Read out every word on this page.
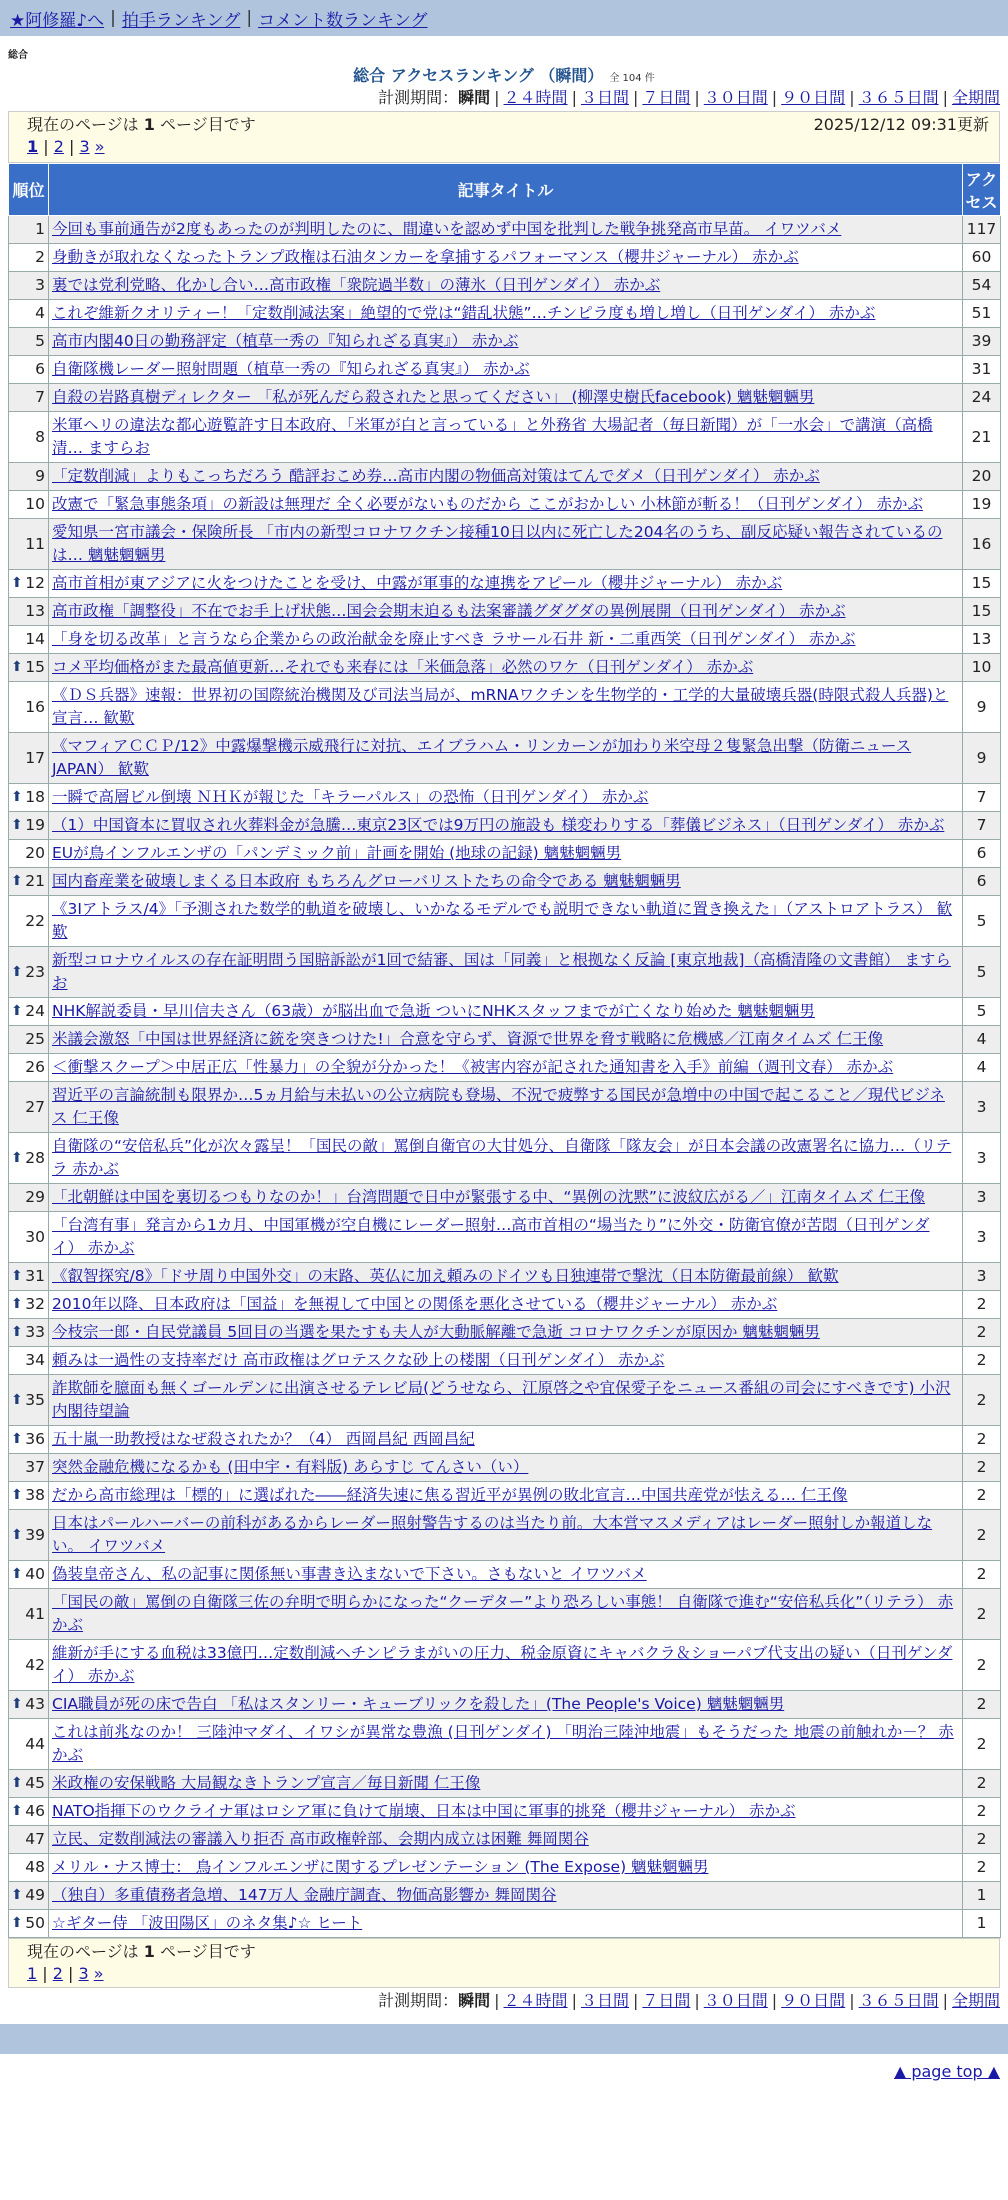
★阿修羅♪へ | 拍手ランキング | コメント数ランキング
総合
総合 アクセスランキング （瞬間） 全 104 件
計測期間：瞬間 | ２４時間 | ３日間 | ７日間 | ３０日間 | ９０日間 | ３６５日間 | 全期間
現在のページは 1 ページ目です	2025/12/12 09:31更新
1 | 2 | 3 »
順位	記事タイトル	アクセス
1	今回も事前通告が2度もあったのが判明したのに、間違いを認めず中国を批判した戦争挑発高市早苗。 イワツバメ	117
2	身動きが取れなくなったトランプ政権は石油タンカーを拿捕するパフォーマンス（櫻井ジャーナル） 赤かぶ	60
3	裏では党利党略、化かし合い…高市政権「衆院過半数」の薄氷（日刊ゲンダイ） 赤かぶ	54
4	これぞ維新クオリティー！「定数削減法案」絶望的で党は“錯乱状態”…チンピラ度も増し増し（日刊ゲンダイ） 赤かぶ	51
5	高市内閣40日の勤務評定（植草一秀の『知られざる真実』） 赤かぶ	39
6	自衛隊機レーダー照射問題（植草一秀の『知られざる真実』） 赤かぶ	31
7	自殺の岩路真樹ディレクター 「私が死んだら殺されたと思ってください」 (柳澤史樹氏facebook) 魑魅魍魎男	24
8	米軍ヘリの違法な都心遊覧許す日本政府、「米軍が白と言っている」と外務省 大場記者（毎日新聞）が「一水会」で講演（高橋清… ますらお	21
9	「定数削減」よりもこっちだろう 酷評おこめ券…高市内閣の物価高対策はてんでダメ（日刊ゲンダイ） 赤かぶ	20
10	改憲で「緊急事態条項」の新設は無理だ 全く必要がないものだから ここがおかしい 小林節が斬る！（日刊ゲンダイ） 赤かぶ	19
11	愛知県一宮市議会・保険所長 「市内の新型コロナワクチン接種10日以内に死亡した204名のうち、副反応疑い報告されているのは… 魑魅魍魎男	16

⬆ 12	高市首相が東アジアに火をつけたことを受け、中露が軍事的な連携をアピール（櫻井ジャーナル） 赤かぶ	15
13	高市政権「調整役」不在でお手上げ状態…国会会期末迫るも法案審議グダグダの異例展開（日刊ゲンダイ） 赤かぶ	15
14	「身を切る改革」と言うなら企業からの政治献金を廃止すべき ラサール石井 新・二重西笑（日刊ゲンダイ） 赤かぶ	13

⬆ 15	コメ平均価格がまた最高値更新…それでも来春には「米価急落」必然のワケ（日刊ゲンダイ） 赤かぶ	10
16	《ＤＳ兵器》速報：世界初の国際統治機関及び司法当局が、mRNAワクチンを生物学的・工学的大量破壊兵器(時限式殺人兵器)と宣言… 歓歎	9
17	《マフィアＣＣＰ/12》中露爆撃機示威飛行に対抗、エイブラハム・リンカーンが加わり米空母２隻緊急出撃（防衛ニュースJAPAN） 歓歎	9

⬆ 18	一瞬で高層ビル倒壊 ＮＨＫが報じた「キラーパルス」の恐怖（日刊ゲンダイ） 赤かぶ	7

⬆ 19	（1）中国資本に買収され火葬料金が急騰…東京23区では9万円の施設も 様変わりする「葬儀ビジネス」（日刊ゲンダイ） 赤かぶ	7
20	EUが鳥インフルエンザの「パンデミック前」計画を開始 (地球の記録) 魑魅魍魎男	6

⬆ 21	国内畜産業を破壊しまくる日本政府 もちろんグローバリストたちの命令である 魑魅魍魎男	6
22	《3Iアトラス/4》「予測された数学的軌道を破壊し、いかなるモデルでも説明できない軌道に置き換えた」（アストロアトラス） 歓歎	5

⬆ 23	新型コロナウイルスの存在証明問う国賠訴訟が1回で結審、国は「同義」と根拠なく反論 [東京地裁]（高橋清隆の文書館） ますらお	5

⬆ 24	NHK解説委員・早川信夫さん（63歳）が脳出血で急逝 ついにNHKスタッフまでが亡くなり始めた 魑魅魍魎男	5
25	米議会激怒「中国は世界経済に銃を突きつけた!」合意を守らず、資源で世界を脅す戦略に危機感／江南タイムズ 仁王像	4
26	＜衝撃スクープ＞中居正広「性暴力」の全貌が分かった！《被害内容が記された通知書を入手》前編（週刊文春） 赤かぶ	4
27	習近平の言論統制も限界か…5ヵ月給与未払いの公立病院も登場、不況で疲弊する国民が急増中の中国で起こること／現代ビジネス 仁王像	3

⬆ 28	自衛隊の“安倍私兵”化が次々露呈！「国民の敵」罵倒自衛官の大甘処分、自衛隊「隊友会」が日本会議の改憲署名に協力…（リテラ 赤かぶ	3
29	「北朝鮮は中国を裏切るつもりなのか！」台湾問題で日中が緊張する中、“異例の沈黙”に波紋広がる／」江南タイムズ 仁王像	3
30	「台湾有事」発言から1カ月、中国軍機が空自機にレーダー照射…高市首相の“場当たり”に外交・防衛官僚が苦悶（日刊ゲンダイ） 赤かぶ	3

⬆ 31	《叡智探究/8》「ドサ周り中国外交」の末路、英仏に加え頼みのドイツも日独連帯で撃沈（日本防衛最前線） 歓歎	3

⬆ 32	2010年以降、日本政府は「国益」を無視して中国との関係を悪化させている（櫻井ジャーナル） 赤かぶ	2

⬆ 33	今枝宗一郎・自民党議員 5回目の当選を果たすも夫人が大動脈解離で急逝 コロナワクチンが原因か 魑魅魍魎男	2
34	頼みは一過性の支持率だけ 高市政権はグロテスクな砂上の楼閣（日刊ゲンダイ） 赤かぶ	2

⬆ 35	詐欺師を臆面も無くゴールデンに出演させるテレビ局(どうせなら、江原啓之や宜保愛子をニュース番組の司会にすべきです) 小沢内閣待望論	2

⬆ 36	五十嵐一助教授はなぜ殺されたか？（4） 西岡昌紀 西岡昌紀	2
37	突然金融危機になるかも (田中宇・有料版) あらすじ てんさい（い）	2

⬆ 38	だから高市総理は「標的」に選ばれた――経済失速に焦る習近平が異例の敗北宣言…中国共産党が怯える… 仁王像	2

⬆ 39	日本はパールハーバーの前科があるからレーダー照射警告するのは当たり前。大本営マスメディアはレーダー照射しか報道しない。 イワツバメ	2

⬆ 40	偽装皇帝さん、私の記事に関係無い事書き込まないで下さい。さもないと イワツバメ	2
41	「国民の敵」罵倒の自衛隊三佐の弁明で明らかになった“クーデター”より恐ろしい事態！ 自衛隊で進む“安倍私兵化”（リテラ） 赤かぶ	2
42	維新が手にする血税は33億円…定数削減ヘチンピラまがいの圧力、税金原資にキャバクラ＆ショーパブ代支出の疑い（日刊ゲンダイ） 赤かぶ	2

⬆ 43	CIA職員が死の床で告白 「私はスタンリー・キューブリックを殺した」(The People's Voice) 魑魅魍魎男	2
44	これは前兆なのか！ 三陸沖マダイ、イワシが異常な豊漁 (日刊ゲンダイ) 「明治三陸沖地震」もそうだった 地震の前触れか－？ 赤かぶ	2

⬆ 45	米政権の安保戦略 大局観なきトランプ宣言／毎日新聞 仁王像	2

⬆ 46	NATO指揮下のウクライナ軍はロシア軍に負けて崩壊、日本は中国に軍事的挑発（櫻井ジャーナル） 赤かぶ	2
47	立民、定数削減法の審議入り拒否 高市政権幹部、会期内成立は困難 舞岡関谷	2
48	メリル・ナス博士： 鳥インフルエンザに関するプレゼンテーション (The Expose) 魑魅魍魎男	2

⬆ 49	（独自）多重債務者急増、147万人 金融庁調査、物価高影響か 舞岡関谷	1

⬆ 50	☆ギター侍 「波田陽区」のネタ集♪☆ ヒート	1
現在のページは 1 ページ目です
1 | 2 | 3 »
計測期間：瞬間 | ２４時間 | ３日間 | ７日間 | ３０日間 | ９０日間 | ３６５日間 | 全期間
▲ page top ▲
